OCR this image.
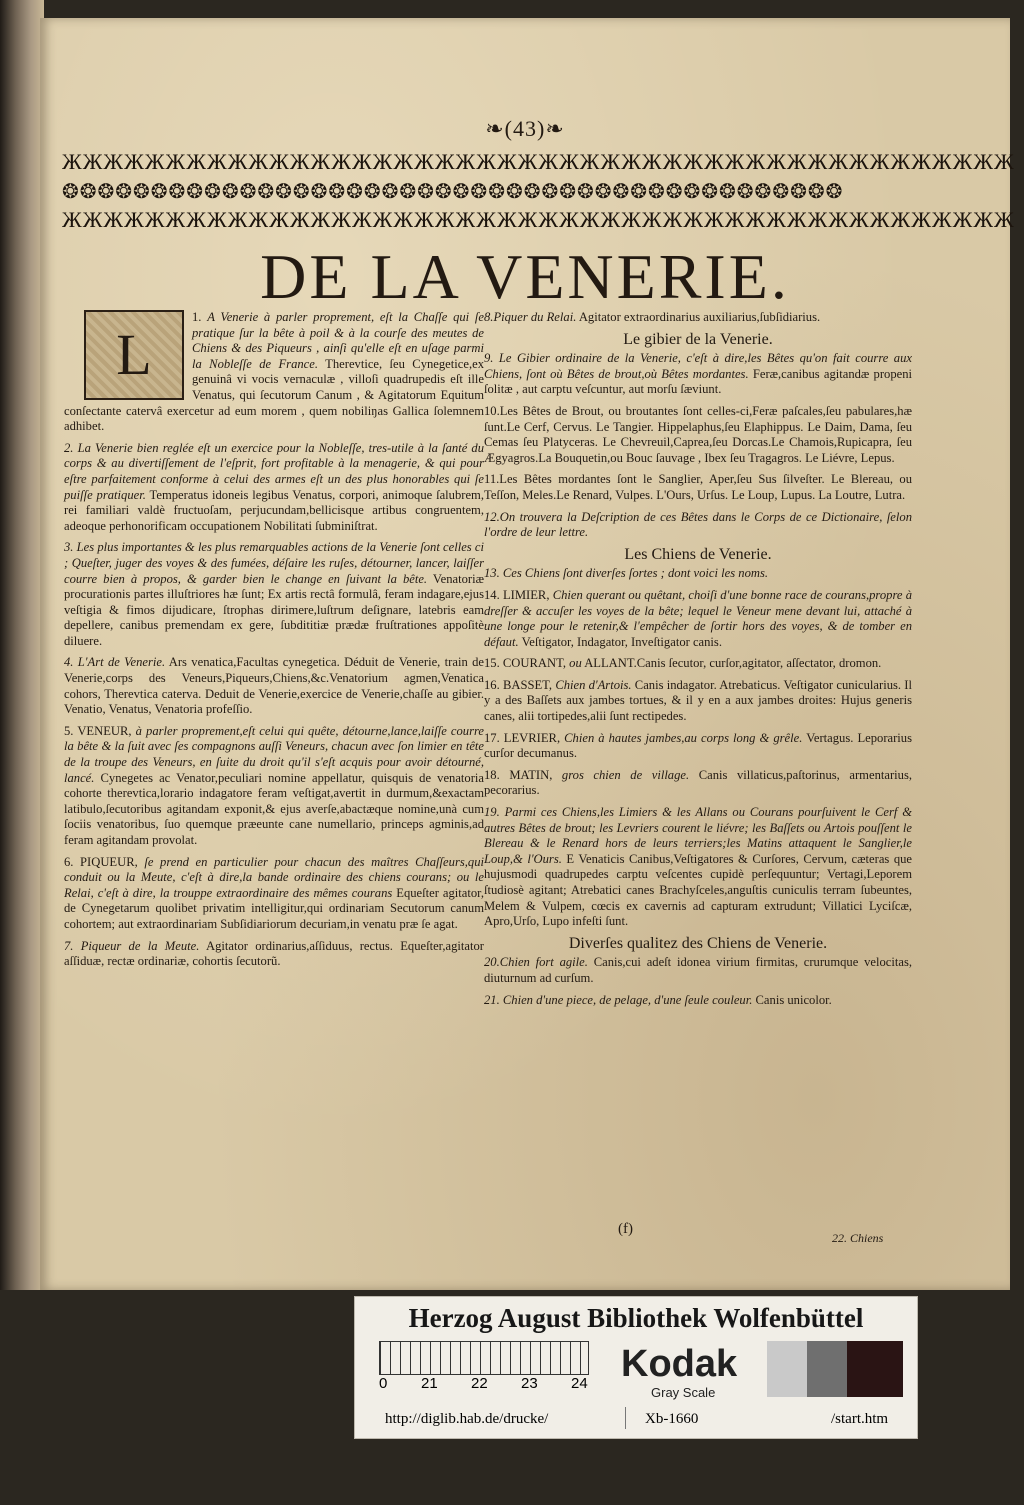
❧(43)❧
ЖЖЖЖЖЖЖЖЖЖЖЖЖЖЖЖЖЖЖЖЖЖЖЖЖЖЖЖЖЖЖЖЖЖЖЖЖЖЖЖЖЖЖЖЖЖ
❂❂❂❂❂❂❂❂❂❂❂❂❂❂❂❂❂❂❂❂❂❂❂❂❂❂❂❂❂❂❂❂❂❂❂❂❂❂❂❂❂❂❂❂
ЖЖЖЖЖЖЖЖЖЖЖЖЖЖЖЖЖЖЖЖЖЖЖЖЖЖЖЖЖЖЖЖЖЖЖЖЖЖЖЖЖЖЖЖЖЖ
DE LA VENERIE.

1.
L
A Venerie à parler proprement, eſt la Chaſſe qui ſe pratique ſur la bête à poil & à la courſe des meutes de Chiens & des Piqueurs , ainſi qu'elle eſt en uſage parmi la Nobleſſe de France. Therevtice, ſeu Cynegetice,ex genuinâ vi vocis vernaculæ , villoſi quadrupedis eſt ille Venatus, qui ſecutorum Canum , & Agitatorum Equitum conſectante catervâ exercetur ad eum morem , quem nobiliŋas Gallica ſolemnem adhibet.

2. La Venerie bien reglée eſt un exercice pour la Nobleſſe, tres-utile à la ſanté du corps & au divertiſſement de l'eſprit, fort profitable à la menagerie, & qui pour eſtre parfaitement conforme à celui des armes eſt un des plus honorables qui ſe puiſſe pratiquer. Temperatus idoneis legibus Venatus, corpori, animoque ſalubrem, rei familiari valdè fructuoſam, perjucundam,bellicisque artibus congruentem, adeoque perhonorificam occupationem Nobilitati ſubminiſtrat.

3. Les plus importantes & les plus remarquables actions de la Venerie ſont celles ci ; Queſter, juger des voyes & des fumées, déſaire les ruſes, détourner, lancer, laiſſer courre bien à propos, & garder bien le change en ſuivant la bête. Venatoriæ procurationis partes illuſtriores hæ ſunt; Ex artis rectâ formulâ, feram indagare,ejus veſtigia & fimos dijudicare, ſtrophas dirimere,luſtrum deſignare, latebris eam depellere, canibus premendam ex gere, ſubdititiæ prædæ fruſtrationes appoſitè diluere.

4. L'Art de Venerie. Ars venatica,Facultas cynegetica. Déduit de Venerie, train de Venerie,corps des Veneurs,Piqueurs,Chiens,&c.Venatorium agmen,Venatica cohors, Therevtica caterva. Deduit de Venerie,exercice de Venerie,chaſſe au gibier. Venatio, Venatus, Venatoria profeſſio.

5. VENEUR, à parler proprement,eſt celui qui quête, détourne,lance,laiſſe courre la bête & la ſuit avec ſes compagnons auſſi Veneurs, chacun avec ſon limier en tête de la troupe des Veneurs, en ſuite du droit qu'il s'eſt acquis pour avoir détourné, lancé. Cynegetes ac Venator,peculiari nomine appellatur, quisquis de venatoria cohorte therevtica,lorario indagatore feram veſtigat,avertit in durmum,&exactam latibulo,ſecutoribus agitandam exponit,& ejus averſe,abactæque nomine,unà cum ſociis venatoribus, ſuo quemque præeunte cane numellario, princeps agminis,ad feram agitandam provolat.

6. PIQUEUR, ſe prend en particulier pour chacun des maîtres Chaſſeurs,qui conduit ou la Meute, c'eſt à dire,la bande ordinaire des chiens courans; ou le Relai, c'eſt à dire, la trouppe extraordinaire des mêmes courans Equeſter agitator, de Cynegetarum quolibet privatim intelligitur,qui ordinariam Secutorum canum cohortem; aut extraordinariam Subſidiariorum decuriam,in venatu præ ſe agat.

7. Piqueur de la Meute. Agitator ordinarius,aſſiduus, rectus. Equeſter,agitator aſſiduæ, rectæ ordinariæ, cohortis ſecutorũ.

8.Piquer du Relai. Agitator extraordinarius auxiliarius,ſubſidiarius.

Le gibier de la Venerie.

9. Le Gibier ordinaire de la Venerie, c'eſt à dire,les Bêtes qu'on fait courre aux Chiens, ſont où Bêtes de brout,où Bêtes mordantes. Feræ,canibus agitandæ propeni ſolitæ , aut carptu veſcuntur, aut morſu ſæviunt.

10.Les Bêtes de Brout, ou broutantes ſont celles-ci,Feræ paſcales,ſeu pabulares,hæ ſunt.Le Cerf, Cervus. Le Tangier. Hippelaphus,ſeu Elaphippus. Le Daim, Dama, ſeu Cemas ſeu Platyceras. Le Chevreuil,Caprea,ſeu Dorcas.Le Chamois,Rupicapra, ſeu Ægyagros.La Bouquetin,ou Bouc ſauvage , Ibex ſeu Tragagros. Le Liévre, Lepus.

11.Les Bêtes mordantes ſont le Sanglier, Aper,ſeu Sus ſilveſter. Le Blereau, ou Teſſon, Meles.Le Renard, Vulpes. L'Ours, Urſus. Le Loup, Lupus. La Loutre, Lutra.

12.On trouvera la Deſcription de ces Bêtes dans le Corps de ce Dictionaire, ſelon l'ordre de leur lettre.

Les Chiens de Venerie.

13. Ces Chiens ſont diverſes ſortes ; dont voici les noms.

14. LIMIER, Chien querant ou quêtant, choiſi d'une bonne race de courans,propre à dreſſer & accuſer les voyes de la bête; lequel le Veneur mene devant lui, attaché à une longe pour le retenir,& l'empêcher de ſortir hors des voyes, & de tomber en défaut. Veſtigator, Indagator, Inveſtigator canis.

15. COURANT, ou ALLANT.Canis ſecutor, curſor,agitator, aſſectator, dromon.

16. BASSET, Chien d'Artois. Canis indagator. Atrebaticus. Veſtigator cunicularius. Il y a des Baſſets aux jambes tortues, & il y en a aux jambes droites: Hujus generis canes, alii tortipedes,alii ſunt rectipedes.

17. LEVRIER, Chien à hautes jambes,au corps long & grêle. Vertagus. Leporarius curſor decumanus.

18. MATIN, gros chien de village. Canis villaticus,paſtorinus, armentarius, pecorarius.

19. Parmi ces Chiens,les Limiers & les Allans ou Courans pourſuivent le Cerf & autres Bêtes de brout; les Levriers courent le liévre; les Baſſets ou Artois pouſſent le Blereau & le Renard hors de leurs terriers;les Matins attaquent le Sanglier,le Loup,& l'Ours. E Venaticis Canibus,Veſtigatores & Curſores, Cervum, cæteras que hujusmodi quadrupedes carptu veſcentes cupidè perſequuntur; Vertagi,Leporem ſtudiosè agitant; Atrebatici canes Brachyſceles,anguſtis cuniculis terram ſubeuntes, Melem & Vulpem, cœcis ex cavernis ad capturam extrudunt; Villatici Lyciſcæ, Apro,Urſo, Lupo infeſti ſunt.

Diverſes qualitez des Chiens de Venerie.

20.Chien fort agile. Canis,cui adeſt idonea virium firmitas, crurumque velocitas, diuturnum ad curſum.

21. Chien d'une piece, de pelage, d'une ſeule couleur. Canis unicolor.

(f)
22. Chiens
Herzog August Bibliothek Wolfenbüttel
0 21 22 23 24 Kodak
Gray Scale
http://diglib.hab.de/drucke/	Xb-1660	/start.htm
